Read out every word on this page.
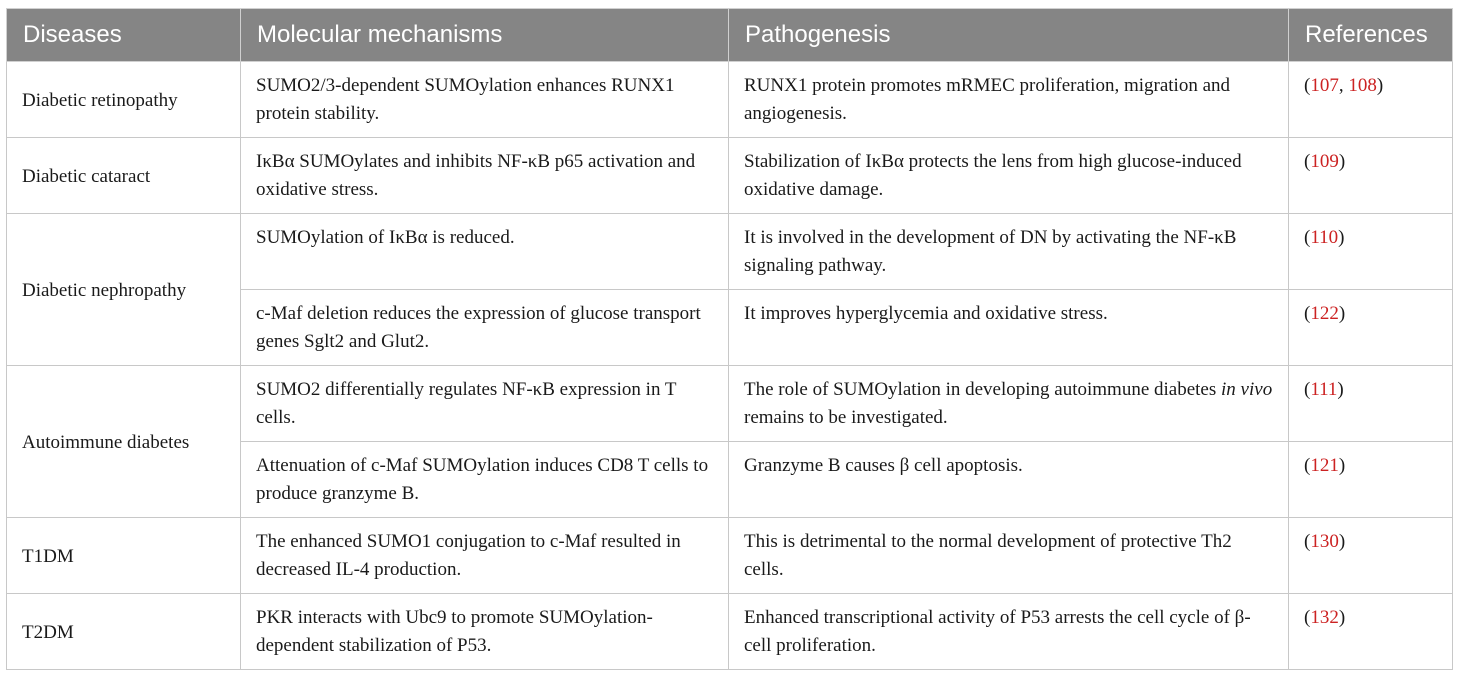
Diseases	Molecular mechanisms	Pathogenesis	References
Diabetic retinopathy	SUMO2/3-dependent SUMOylation enhances RUNX1 protein stability.	RUNX1 protein promotes mRMEC proliferation, migration and angiogenesis.	(107, 108)
Diabetic cataract	IκBα SUMOylates and inhibits NF-κB p65 activation and oxidative stress.	Stabilization of IκBα protects the lens from high glucose-induced oxidative damage.	(109)
Diabetic nephropathy	SUMOylation of IκBα is reduced.	It is involved in the development of DN by activating the NF-κB signaling pathway.	(110)
	c-Maf deletion reduces the expression of glucose transport genes Sglt2 and Glut2.	It improves hyperglycemia and oxidative stress.	(122)
Autoimmune diabetes	SUMO2 differentially regulates NF-κB expression in T cells.	The role of SUMOylation in developing autoimmune diabetes in vivo remains to be investigated.	(111)
	Attenuation of c-Maf SUMOylation induces CD8 T cells to produce granzyme B.	Granzyme B causes β cell apoptosis.	(121)
T1DM	The enhanced SUMO1 conjugation to c-Maf resulted in decreased IL-4 production.	This is detrimental to the normal development of protective Th2 cells.	(130)
T2DM	PKR interacts with Ubc9 to promote SUMOylation-dependent stabilization of P53.	Enhanced transcriptional activity of P53 arrests the cell cycle of β-cell proliferation.	(132)
